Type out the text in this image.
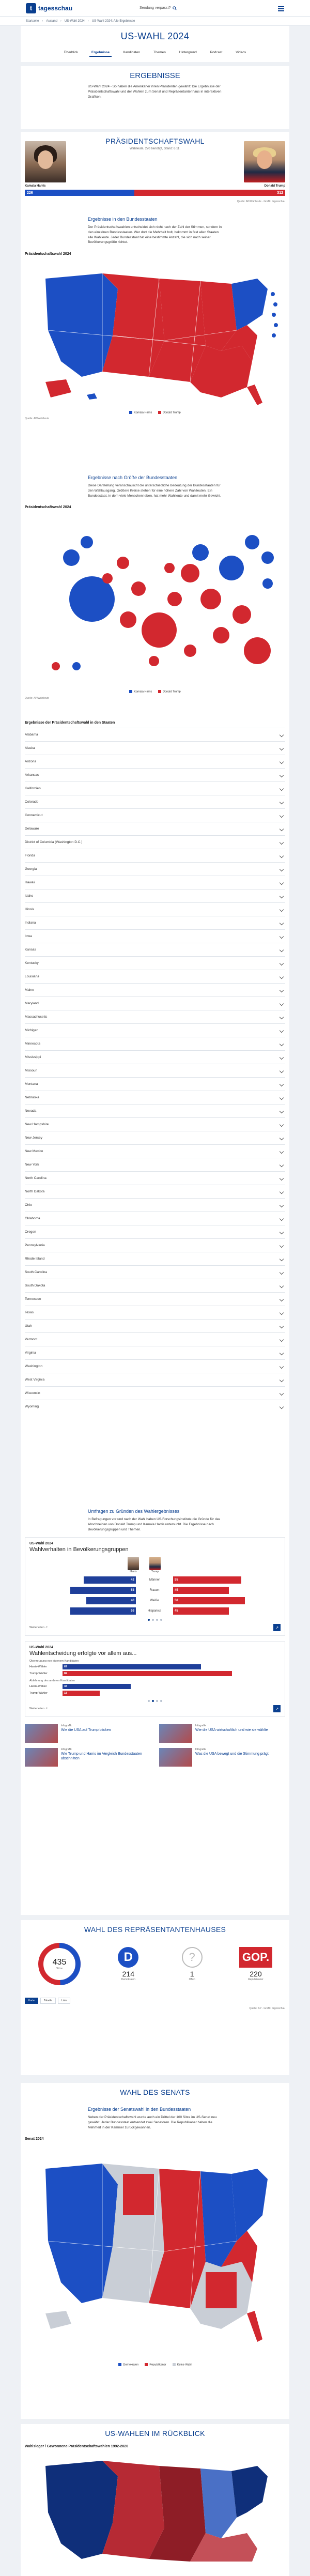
t tagesschau	Sendung verpasst?
Startseite › Ausland › US-Wahl 2024 › US-Wahl 2024: Alle Ergebnisse
US-WAHL 2024
Überblick	Ergebnisse	Kandidaten	Themen	Hintergrund	Podcast	Videos
ERGEBNISSE

US-Wahl 2024 - So haben die Amerikaner ihren Präsidenten gewählt: Die Ergebnisse der Präsidentschaftswahl und der Wahlen zum Senat und Repräsentantenhaus in interaktiven Grafiken.

PRÄSIDENTSCHAFTSWAHL
Wahlleute, 270 benötigt, Stand: 6.11.
Kamala Harris	Donald Trump
226	312
Quelle: AP/Wahlleute · Grafik: tagesschau
Ergebnisse in den Bundesstaaten

Der Präsidentschaftswahlen entscheidet sich nicht nach der Zahl der Stimmen, sondern in den einzelnen Bundesstaaten. Wer dort die Mehrheit holt, bekommt in fast allen Staaten alle Wahlleute. Jeder Bundesstaat hat eine bestimmte Anzahl, die sich nach seiner Bevölkerungsgröße richtet.

Präsidentschaftswahl 2024
Kamala Harris	Donald Trump
Quelle: AP/Wahlleute
Ergebnisse nach Größe der Bundesstaaten

Diese Darstellung veranschaulicht die unterschiedliche Bedeutung der Bundesstaaten für den Wahlausgang. Größere Kreise stehen für eine höhere Zahl von Wahlleuten. Ein Bundesstaat, in dem viele Menschen leben, hat mehr Wahlleute und damit mehr Gewicht.

Präsidentschaftswahl 2024
Kamala Harris	Donald Trump
Quelle: AP/Wahlleute
Ergebnisse der Präsidentschaftswahl in den Staaten
Alabama
Alaska
Arizona
Arkansas
Kalifornien
Colorado
Connecticut
Delaware
District of Columbia (Washington D.C.)
Florida
Georgia
Hawaii
Idaho
Illinois
Indiana
Iowa
Kansas
Kentucky
Louisiana
Maine
Maryland
Massachusetts
Michigan
Minnesota
Mississippi
Missouri
Montana
Nebraska
Nevada
New Hampshire
New Jersey
New Mexico
New York
North Carolina
North Dakota
Ohio
Oklahoma
Oregon
Pennsylvania
Rhode Island
South Carolina
South Dakota
Tennessee
Texas
Utah
Vermont
Virginia
Washington
West Virginia
Wisconsin
Wyoming
Umfragen zu Gründen des Wahlergebnisses

In Befragungen vor und nach der Wahl haben US-Forschungsinstitute die Gründe für das Abschneiden von Donald Trump und Kamala Harris untersucht. Die Ergebnisse nach Bevölkerungsgruppen und Themen.

US-Wahl 2024
Wahlverhalten in Bevölkerungsgruppen
Harris	Trump
42	Männer	55
53	Frauen	45
40	Weiße	58
53	Hispanics	45
Weiterleiten ↗	↗
US-Wahl 2024
Wahlentscheidung erfolgte vor allem aus...
Überzeugung von eigenem Kandidaten
Harris-Wähler	67
Trump-Wähler	82
Ablehnung des anderen Kandidaten
Harris-Wähler	33
Trump-Wähler	18
Weiterleiten ↗	↗
Infografik
Wie die USA auf Trump blicken
Infografik
Wie die USA wirtschaftlich und wie sie wählte
Infografik
Wie Trump und Harris im Vergleich Bundesstaaten abschnitten
Infografik
Was die USA bewegt und die Stimmung prägt
WAHL DES REPRÄSENTANTENHAUSES
435
Sitze
D
214
Demokraten
?
1
Offen
GOP.
220
Republikaner
Karte	Tabelle	Liste
Quelle: AP · Grafik: tagesschau
WAHL DES SENATS
Ergebnisse der Senatswahl in den Bundesstaaten

Neben der Präsidentschaftswahl wurde auch ein Drittel der 100 Sitze im US-Senat neu gewählt. Jeder Bundesstaat entsendet zwei Senatoren. Die Republikaner haben die Mehrheit in der Kammer zurückgewonnen.

Senat 2024
Demokraten	Republikaner	Keine Wahl
US-WAHLEN IM RÜCKBLICK
Wahlsieger / Gewonnene Präsidentschaftswahlen 1992-2020
